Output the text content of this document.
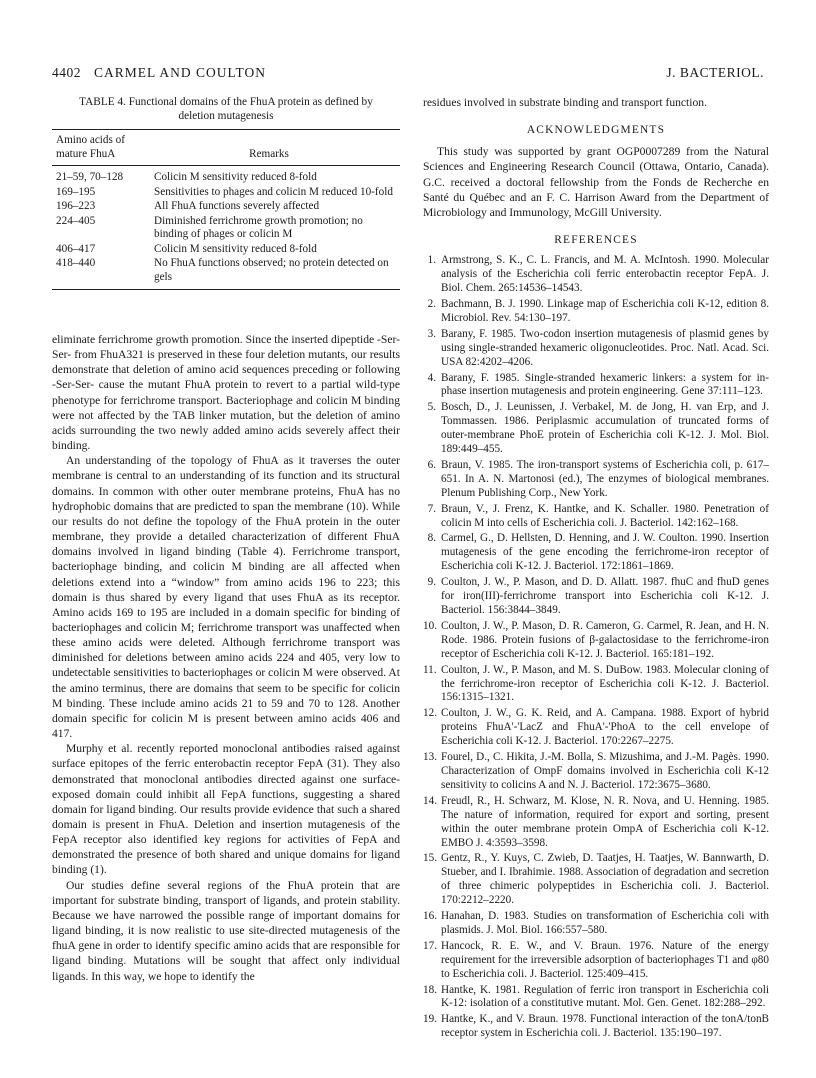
4402 CARMEL AND COULTON	J. BACTERIOL.
TABLE 4. Functional domains of the FhuA protein as defined by deletion mutagenesis
Amino acids of mature FhuA	Remarks
21–59, 70–128	Colicin M sensitivity reduced 8-fold
169–195	Sensitivities to phages and colicin M reduced 10-fold
196–223	All FhuA functions severely affected
224–405	Diminished ferrichrome growth promotion; no binding of phages or colicin M
406–417	Colicin M sensitivity reduced 8-fold
418–440	No FhuA functions observed; no protein detected on gels

eliminate ferrichrome growth promotion. Since the inserted dipeptide -Ser-Ser- from FhuA321 is preserved in these four deletion mutants, our results demonstrate that deletion of amino acid sequences preceding or following -Ser-Ser- cause the mutant FhuA protein to revert to a partial wild-type phenotype for ferrichrome transport. Bacteriophage and colicin M binding were not affected by the TAB linker mutation, but the deletion of amino acids surrounding the two newly added amino acids severely affect their binding.

An understanding of the topology of FhuA as it traverses the outer membrane is central to an understanding of its function and its structural domains. In common with other outer membrane proteins, FhuA has no hydrophobic domains that are predicted to span the membrane (10). While our results do not define the topology of the FhuA protein in the outer membrane, they provide a detailed characterization of different FhuA domains involved in ligand binding (Table 4). Ferrichrome transport, bacteriophage binding, and colicin M binding are all affected when deletions extend into a “window” from amino acids 196 to 223; this domain is thus shared by every ligand that uses FhuA as its receptor. Amino acids 169 to 195 are included in a domain specific for binding of bacteriophages and colicin M; ferrichrome transport was unaffected when these amino acids were deleted. Although ferrichrome transport was diminished for deletions between amino acids 224 and 405, very low to undetectable sensitivities to bacteriophages or colicin M were observed. At the amino terminus, there are domains that seem to be specific for colicin M binding. These include amino acids 21 to 59 and 70 to 128. Another domain specific for colicin M is present between amino acids 406 and 417.

Murphy et al. recently reported monoclonal antibodies raised against surface epitopes of the ferric enterobactin receptor FepA (31). They also demonstrated that monoclonal antibodies directed against one surface-exposed domain could inhibit all FepA functions, suggesting a shared domain for ligand binding. Our results provide evidence that such a shared domain is present in FhuA. Deletion and insertion mutagenesis of the FepA receptor also identified key regions for activities of FepA and demonstrated the presence of both shared and unique domains for ligand binding (1).

Our studies define several regions of the FhuA protein that are important for substrate binding, transport of ligands, and protein stability. Because we have narrowed the possible range of important domains for ligand binding, it is now realistic to use site-directed mutagenesis of the fhuA gene in order to identify specific amino acids that are responsible for ligand binding. Mutations will be sought that affect only individual ligands. In this way, we hope to identify the

residues involved in substrate binding and transport function.

ACKNOWLEDGMENTS

This study was supported by grant OGP0007289 from the Natural Sciences and Engineering Research Council (Ottawa, Ontario, Canada). G.C. received a doctoral fellowship from the Fonds de Recherche en Santé du Québec and an F. C. Harrison Award from the Department of Microbiology and Immunology, McGill University.

REFERENCES
1. Armstrong, S. K., C. L. Francis, and M. A. McIntosh. 1990. Molecular analysis of the Escherichia coli ferric enterobactin receptor FepA. J. Biol. Chem. 265:14536–14543.
2. Bachmann, B. J. 1990. Linkage map of Escherichia coli K-12, edition 8. Microbiol. Rev. 54:130–197.
3. Barany, F. 1985. Two-codon insertion mutagenesis of plasmid genes by using single-stranded hexameric oligonucleotides. Proc. Natl. Acad. Sci. USA 82:4202–4206.
4. Barany, F. 1985. Single-stranded hexameric linkers: a system for in-phase insertion mutagenesis and protein engineering. Gene 37:111–123.
5. Bosch, D., J. Leunissen, J. Verbakel, M. de Jong, H. van Erp, and J. Tommassen. 1986. Periplasmic accumulation of truncated forms of outer-membrane PhoE protein of Escherichia coli K-12. J. Mol. Biol. 189:449–455.
6. Braun, V. 1985. The iron-transport systems of Escherichia coli, p. 617–651. In A. N. Martonosi (ed.), The enzymes of biological membranes. Plenum Publishing Corp., New York.
7. Braun, V., J. Frenz, K. Hantke, and K. Schaller. 1980. Penetration of colicin M into cells of Escherichia coli. J. Bacteriol. 142:162–168.
8. Carmel, G., D. Hellsten, D. Henning, and J. W. Coulton. 1990. Insertion mutagenesis of the gene encoding the ferrichrome-iron receptor of Escherichia coli K-12. J. Bacteriol. 172:1861–1869.
9. Coulton, J. W., P. Mason, and D. D. Allatt. 1987. fhuC and fhuD genes for iron(III)-ferrichrome transport into Escherichia coli K-12. J. Bacteriol. 156:3844–3849.
10. Coulton, J. W., P. Mason, D. R. Cameron, G. Carmel, R. Jean, and H. N. Rode. 1986. Protein fusions of β-galactosidase to the ferrichrome-iron receptor of Escherichia coli K-12. J. Bacteriol. 165:181–192.
11. Coulton, J. W., P. Mason, and M. S. DuBow. 1983. Molecular cloning of the ferrichrome-iron receptor of Escherichia coli K-12. J. Bacteriol. 156:1315–1321.
12. Coulton, J. W., G. K. Reid, and A. Campana. 1988. Export of hybrid proteins FhuA'-'LacZ and FhuA'-'PhoA to the cell envelope of Escherichia coli K-12. J. Bacteriol. 170:2267–2275.
13. Fourel, D., C. Hikita, J.-M. Bolla, S. Mizushima, and J.-M. Pagès. 1990. Characterization of OmpF domains involved in Escherichia coli K-12 sensitivity to colicins A and N. J. Bacteriol. 172:3675–3680.
14. Freudl, R., H. Schwarz, M. Klose, N. R. Nova, and U. Henning. 1985. The nature of information, required for export and sorting, present within the outer membrane protein OmpA of Escherichia coli K-12. EMBO J. 4:3593–3598.
15. Gentz, R., Y. Kuys, C. Zwieb, D. Taatjes, H. Taatjes, W. Bannwarth, D. Stueber, and I. Ibrahimie. 1988. Association of degradation and secretion of three chimeric polypeptides in Escherichia coli. J. Bacteriol. 170:2212–2220.
16. Hanahan, D. 1983. Studies on transformation of Escherichia coli with plasmids. J. Mol. Biol. 166:557–580.
17. Hancock, R. E. W., and V. Braun. 1976. Nature of the energy requirement for the irreversible adsorption of bacteriophages T1 and φ80 to Escherichia coli. J. Bacteriol. 125:409–415.
18. Hantke, K. 1981. Regulation of ferric iron transport in Escherichia coli K-12: isolation of a constitutive mutant. Mol. Gen. Genet. 182:288–292.
19. Hantke, K., and V. Braun. 1978. Functional interaction of the tonA/tonB receptor system in Escherichia coli. J. Bacteriol. 135:190–197.
